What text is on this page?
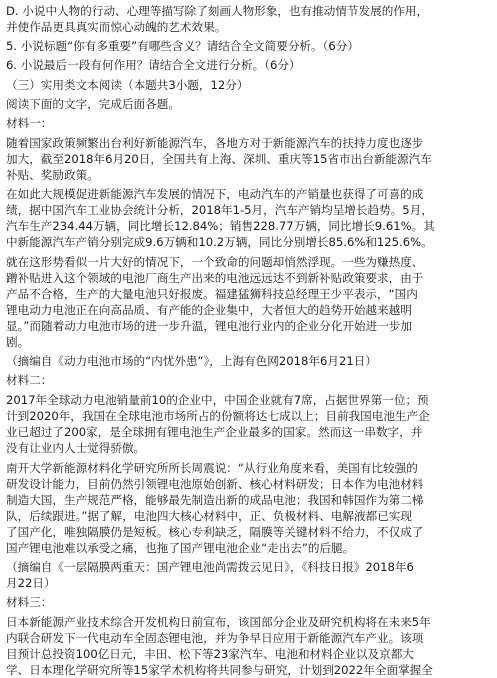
D. 小说中人物的行动、心理等描写除了刻画人物形象，也有推动情节发展的作用，
并使作品更具真实而惊心动魄的艺术效果。
5. 小说标题“你有多重要”有哪些含义？请结合全文简要分析。（6分）
6. 小说最后一段有何作用？请结合全文进行分析。（6分）
（三）实用类文本阅读（本题共3小题，12分）
阅读下面的文字，完成后面各题。
材料一：
随着国家政策频繁出台利好新能源汽车，各地方对于新能源汽车的扶持力度也逐步
加大，截至2018年6月20日，全国共有上海、深圳、重庆等15省市出台新能源汽车
补贴、奖励政策。
在如此大规模促进新能源汽车发展的情况下，电动汽车的产销量也获得了可喜的成
绩，据中国汽车工业协会统计分析，2018年1-5月，汽车产销均呈增长趋势。5月，
汽车生产234.44万辆，同比增长12.84%；销售228.77万辆，同比增长9.61%。其
中新能源汽车产销分别完成9.6万辆和10.2万辆，同比分别增长85.6%和125.6%。
就在这形势看似一片大好的情况下，一个致命的问题却悄然浮现。一些为赚热度、
蹭补贴进入这个领域的电池厂商生产出来的电池远远达不到新补贴政策要求，由于
产品不合格，生产的大量电池只好报废。福建猛狮科技总经理王少平表示，“国内
锂电动力电池正在向高品质、有产能的企业集中，大者恒大的趋势开始越来越明
显。”而随着动力电池市场的进一步升温，锂电池行业内的企业分化开始进一步加
剧。
（摘编自《动力电池市场的“内忧外患”》，上海有色网2018年6月21日）
材料二：
2017年全球动力电池销量前10的企业中，中国企业就有7席，占据世界第一位；预
计到2020年，我国在全球电池市场所占的份额将达七成以上；目前我国电池生产企
业已超过了200家，是全球拥有锂电池生产企业最多的国家。然而这一串数字，并
没有让业内人士觉得骄傲。
南开大学新能源材料化学研究所所长周震说：“从行业角度来看，美国有比较强的
研发设计能力，目前仍然引领锂电池原始创新、核心材料研发；日本作为电池材料
制造大国，生产规范严格，能够最先制造出新的成品电池；我国和韩国作为第二梯
队，后续跟进。”据了解，电池四大核心材料中，正、负极材料、电解液都已实现
了国产化，唯独隔膜仍是短板。核心专利缺乏，隔膜等关键材料不给力，不仅成了
国产锂电池难以承受之痛，也拖了国产锂电池企业“走出去”的后腿。
（摘编自《一层隔膜两重天：国产锂电池尚需拨云见日》，《科技日报》2018年6
月22日）
材料三：
日本新能源产业技术综合开发机构日前宣布，该国部分企业及研究机构将在未来5年
内联合研发下一代电动车全固态锂电池，并为争早日应用于新能源汽车产业。该项
目预计总投资100亿日元，丰田、松下等23家汽车、电池和材料企业以及京都大
学、日本理化学研究所等15家学术机构将共同参与研究，计划到2022年全面掌握全
